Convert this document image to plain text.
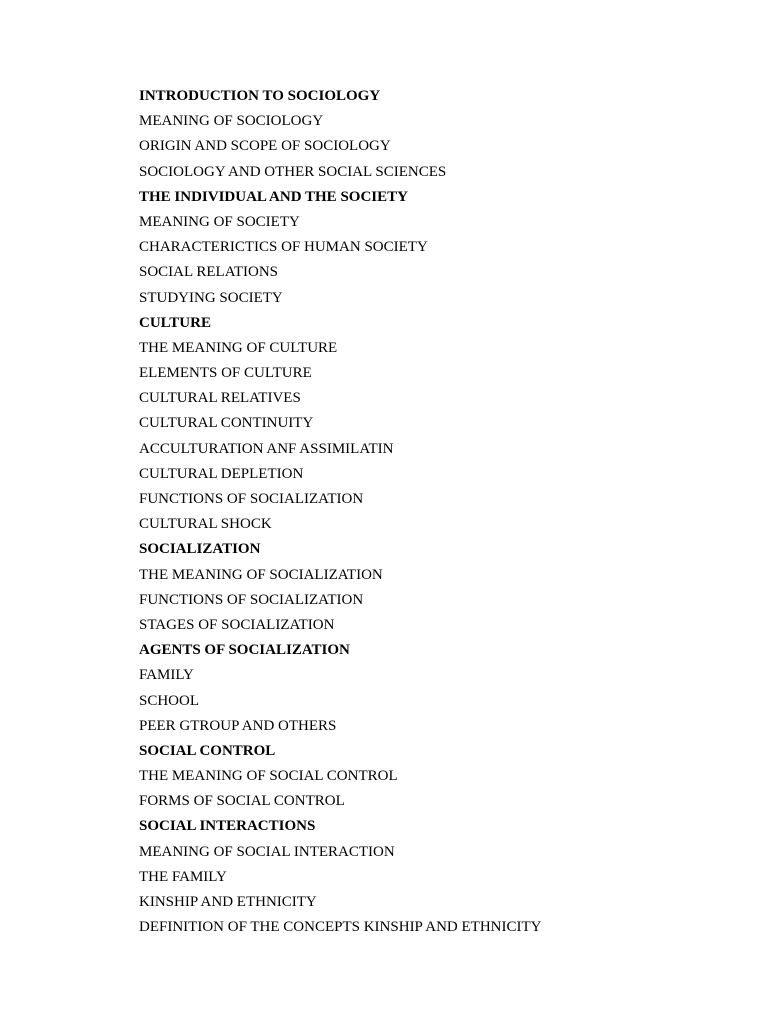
INTRODUCTION TO SOCIOLOGY
MEANING OF SOCIOLOGY
ORIGIN AND SCOPE OF SOCIOLOGY
SOCIOLOGY AND OTHER SOCIAL SCIENCES
THE INDIVIDUAL AND THE SOCIETY
MEANING OF SOCIETY
CHARACTERICTICS OF HUMAN SOCIETY
SOCIAL RELATIONS
STUDYING SOCIETY
CULTURE
THE MEANING OF CULTURE
ELEMENTS OF CULTURE
CULTURAL RELATIVES
CULTURAL CONTINUITY
ACCULTURATION ANF ASSIMILATIN
CULTURAL DEPLETION
FUNCTIONS OF SOCIALIZATION
CULTURAL SHOCK
SOCIALIZATION
THE MEANING OF SOCIALIZATION
FUNCTIONS OF SOCIALIZATION
STAGES OF SOCIALIZATION
AGENTS OF SOCIALIZATION
FAMILY
SCHOOL
PEER GTROUP AND OTHERS
SOCIAL CONTROL
THE MEANING OF SOCIAL CONTROL
FORMS OF SOCIAL CONTROL
SOCIAL INTERACTIONS
MEANING OF SOCIAL INTERACTION
THE FAMILY
KINSHIP AND ETHNICITY
DEFINITION OF THE CONCEPTS KINSHIP AND ETHNICITY
